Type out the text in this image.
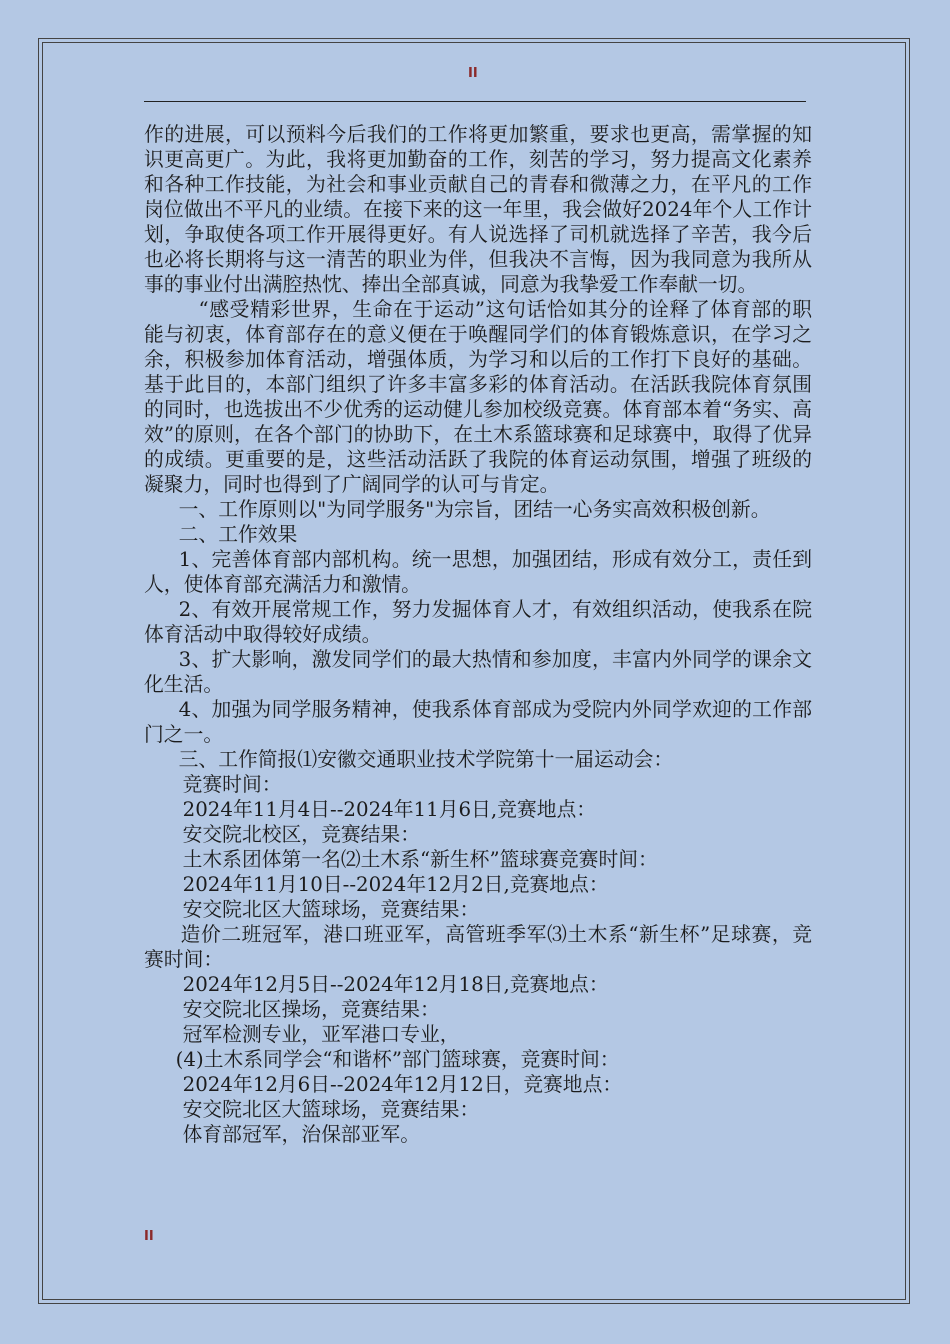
II

作的进展，可以预料今后我们的工作将更加繁重，要求也更高，需掌握的知识更高更广。为此，我将更加勤奋的工作，刻苦的学习，努力提高文化素养和各种工作技能，为社会和事业贡献自己的青春和微薄之力，在平凡的工作岗位做出不平凡的业绩。在接下来的这一年里，我会做好2024年个人工作计划，争取使各项工作开展得更好。有人说选择了司机就选择了辛苦，我今后也必将长期将与这一清苦的职业为伴，但我决不言悔，因为我同意为我所从事的事业付出满腔热忱、捧出全部真诚，同意为我挚爱工作奉献一切。

“感受精彩世界，生命在于运动”这句话恰如其分的诠释了体育部的职能与初衷，体育部存在的意义便在于唤醒同学们的体育锻炼意识，在学习之余，积极参加体育活动，增强体质，为学习和以后的工作打下良好的基础。基于此目的，本部门组织了许多丰富多彩的体育活动。在活跃我院体育氛围的同时，也选拔出不少优秀的运动健儿参加校级竞赛。体育部本着“务实、高效”的原则，在各个部门的协助下，在土木系篮球赛和足球赛中，取得了优异的成绩。更重要的是，这些活动活跃了我院的体育运动氛围，增强了班级的凝聚力，同时也得到了广阔同学的认可与肯定。

一、工作原则以"为同学服务"为宗旨，团结一心务实高效积极创新。

二、工作效果

1、完善体育部内部机构。统一思想，加强团结，形成有效分工，责任到人，使体育部充满活力和激情。

2、有效开展常规工作，努力发掘体育人才，有效组织活动，使我系在院体育活动中取得较好成绩。

3、扩大影响，激发同学们的最大热情和参加度，丰富内外同学的课余文化生活。

4、加强为同学服务精神，使我系体育部成为受院内外同学欢迎的工作部门之一。

三、工作简报⑴安徽交通职业技术学院第十一届运动会：

竞赛时间：

2024年11月4日--2024年11月6日,竞赛地点：

安交院北校区，竞赛结果：

土木系团体第一名⑵土木系“新生杯”篮球赛竞赛时间：

2024年11月10日--2024年12月2日,竞赛地点：

安交院北区大篮球场，竞赛结果：

造价二班冠军，港口班亚军，高管班季军⑶土木系“新生杯”足球赛，竞赛时间：

2024年12月5日--2024年12月18日,竞赛地点：

安交院北区操场，竞赛结果：

冠军检测专业，亚军港口专业，

(4)土木系同学会“和谐杯”部门篮球赛，竞赛时间：

2024年12月6日--2024年12月12日，竞赛地点：

安交院北区大篮球场，竞赛结果：

体育部冠军，治保部亚军。

II
